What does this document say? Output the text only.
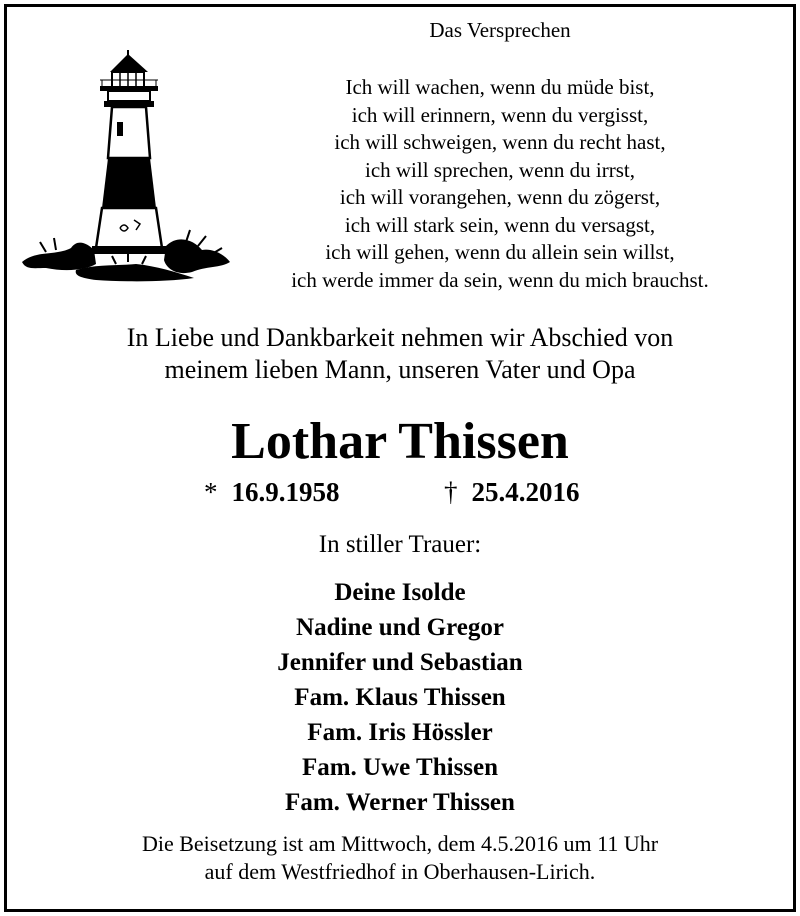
Das Versprechen
Ich will wachen, wenn du müde bist,
ich will erinnern, wenn du vergisst,
ich will schweigen, wenn du recht hast,
ich will sprechen, wenn du irrst,
ich will vorangehen, wenn du zögerst,
ich will stark sein, wenn du versagst,
ich will gehen, wenn du allein sein willst,
ich werde immer da sein, wenn du mich brauchst.
In Liebe und Dankbarkeit nehmen wir Abschied von
meinem lieben Mann, unseren Vater und Opa
Lothar Thissen
* 16.9.1958	† 25.4.2016
In stiller Trauer:
Deine Isolde
Nadine und Gregor
Jennifer und Sebastian
Fam. Klaus Thissen
Fam. Iris Hössler
Fam. Uwe Thissen
Fam. Werner Thissen
Die Beisetzung ist am Mittwoch, dem 4.5.2016 um 11 Uhr
auf dem Westfriedhof in Oberhausen-Lirich.
